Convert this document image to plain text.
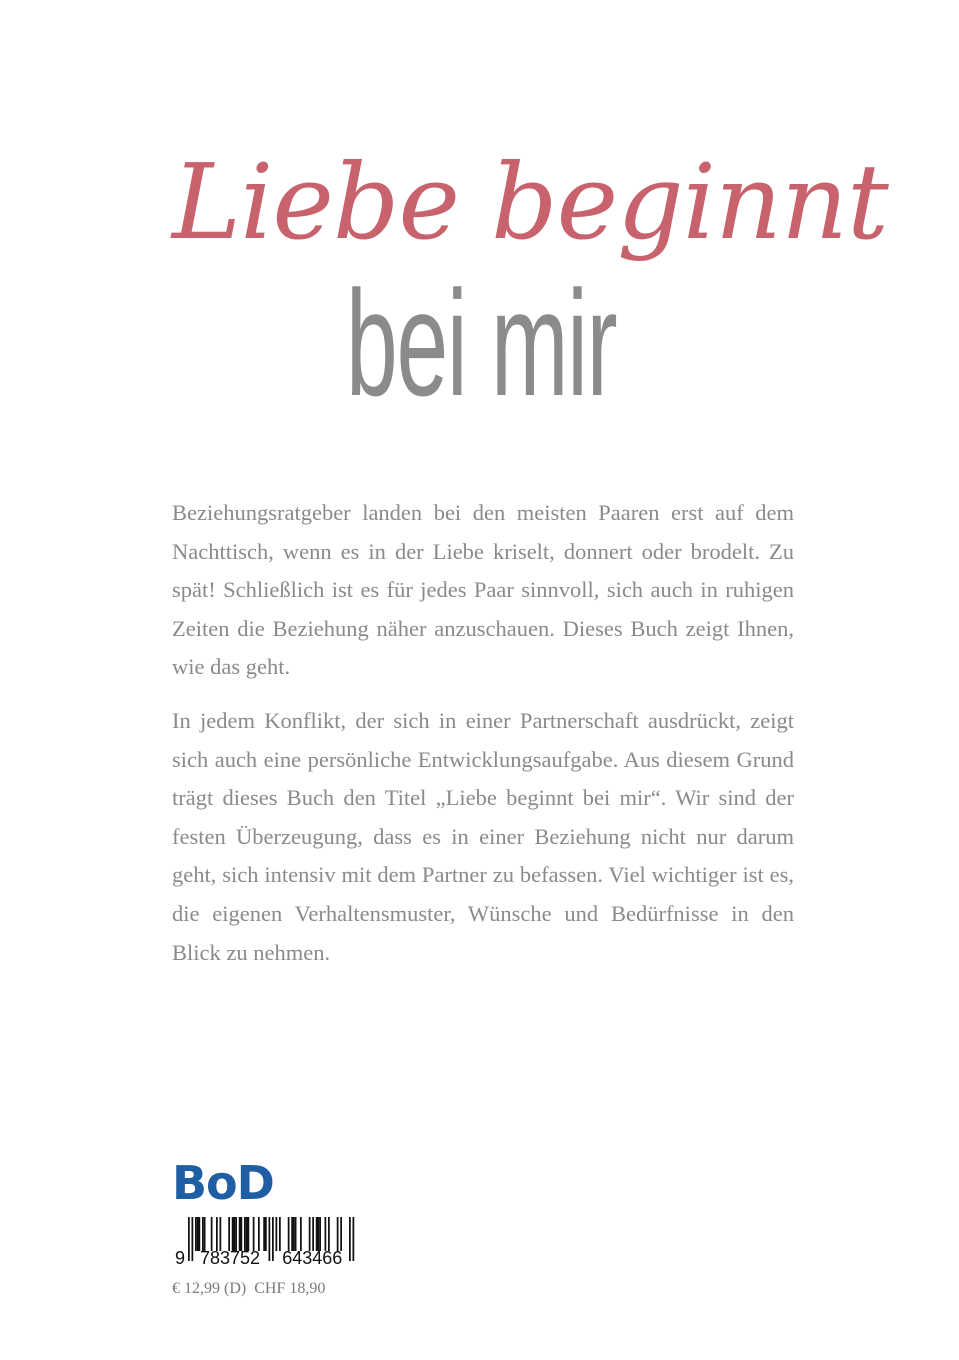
Liebe beginnt
bei mir

Beziehungsratgeber landen bei den meisten Paaren erst auf dem Nachttisch, wenn es in der Liebe kriselt, donnert oder brodelt. Zu spät! Schließlich ist es für jedes Paar sinnvoll, sich auch in ruhigen Zeiten die Beziehung näher anzuschauen. Dieses Buch zeigt Ihnen, wie das geht.

In jedem Konflikt, der sich in einer Partnerschaft ausdrückt, zeigt sich auch eine persönliche Entwicklungsaufgabe. Aus diesem Grund trägt dieses Buch den Titel „Liebe beginnt bei mir“. Wir sind der festen Überzeugung, dass es in einer Beziehung nicht nur darum geht, sich intensiv mit dem Partner zu befassen. Viel wichtiger ist es, die eigenen Verhaltensmuster, Wünsche und Bedürfnisse in den Blick zu nehmen.

BoD
9 783752 643466
€ 12,99 (D)  CHF 18,90
